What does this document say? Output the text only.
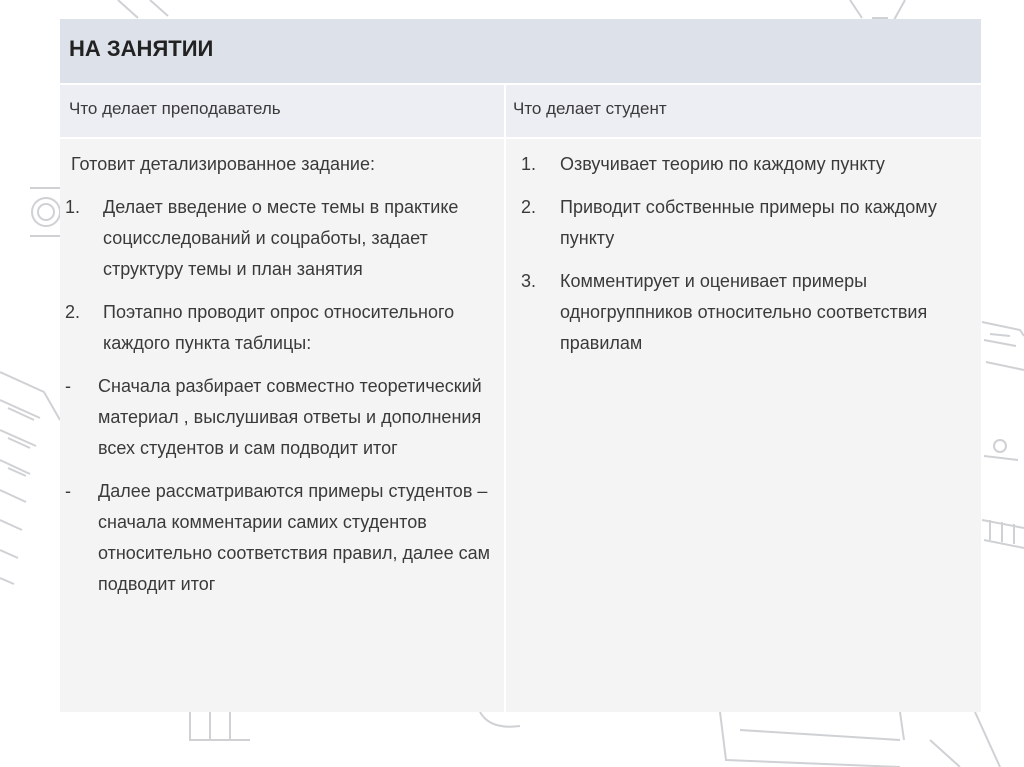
НА ЗАНЯТИИ
Что делает преподаватель	Что делает студент

Готовит детализированное задание:

1. Делает введение о месте темы в практике социсследований и соцработы, задает структуру темы и план занятия
2. Поэтапно проводит опрос относительного каждого пункта таблицы:
- Сначала разбирает совместно теоретический материал , выслушивая ответы и дополнения всех студентов и сам подводит итог
- Далее рассматриваются примеры студентов – сначала комментарии самих студентов относительно соответствия правил, далее сам подводит итог
1. Озвучивает теорию по каждому пункту
2. Приводит собственные примеры по каждому пункту
3. Комментирует и оценивает примеры одногруппников относительно соответствия правилам
